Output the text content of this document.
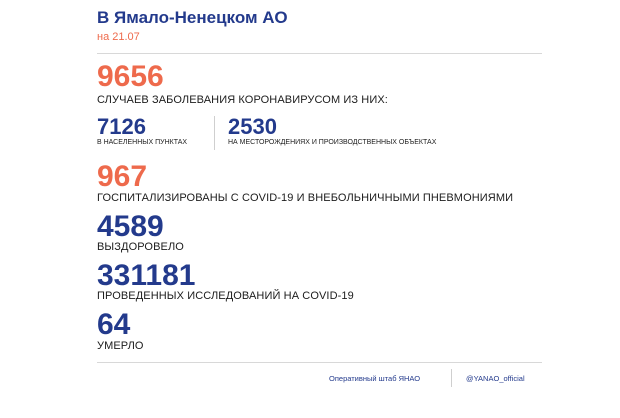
В Ямало-Ненецком АО
на 21.07
9656
СЛУЧАЕВ ЗАБОЛЕВАНИЯ КОРОНАВИРУСОМ ИЗ НИХ:
7126
В НАСЕЛЕННЫХ ПУНКТАХ
2530
НА МЕСТОРОЖДЕНИЯХ И ПРОИЗВОДСТВЕННЫХ ОБЪЕКТАХ
967
ГОСПИТАЛИЗИРОВАНЫ С COVID-19 И ВНЕБОЛЬНИЧНЫМИ ПНЕВМОНИЯМИ
4589
ВЫЗДОРОВЕЛО
331181
ПРОВЕДЕННЫХ ИССЛЕДОВАНИЙ НА COVID-19
64
УМЕРЛО
Оперативный штаб ЯНАО	@YANAO_official
